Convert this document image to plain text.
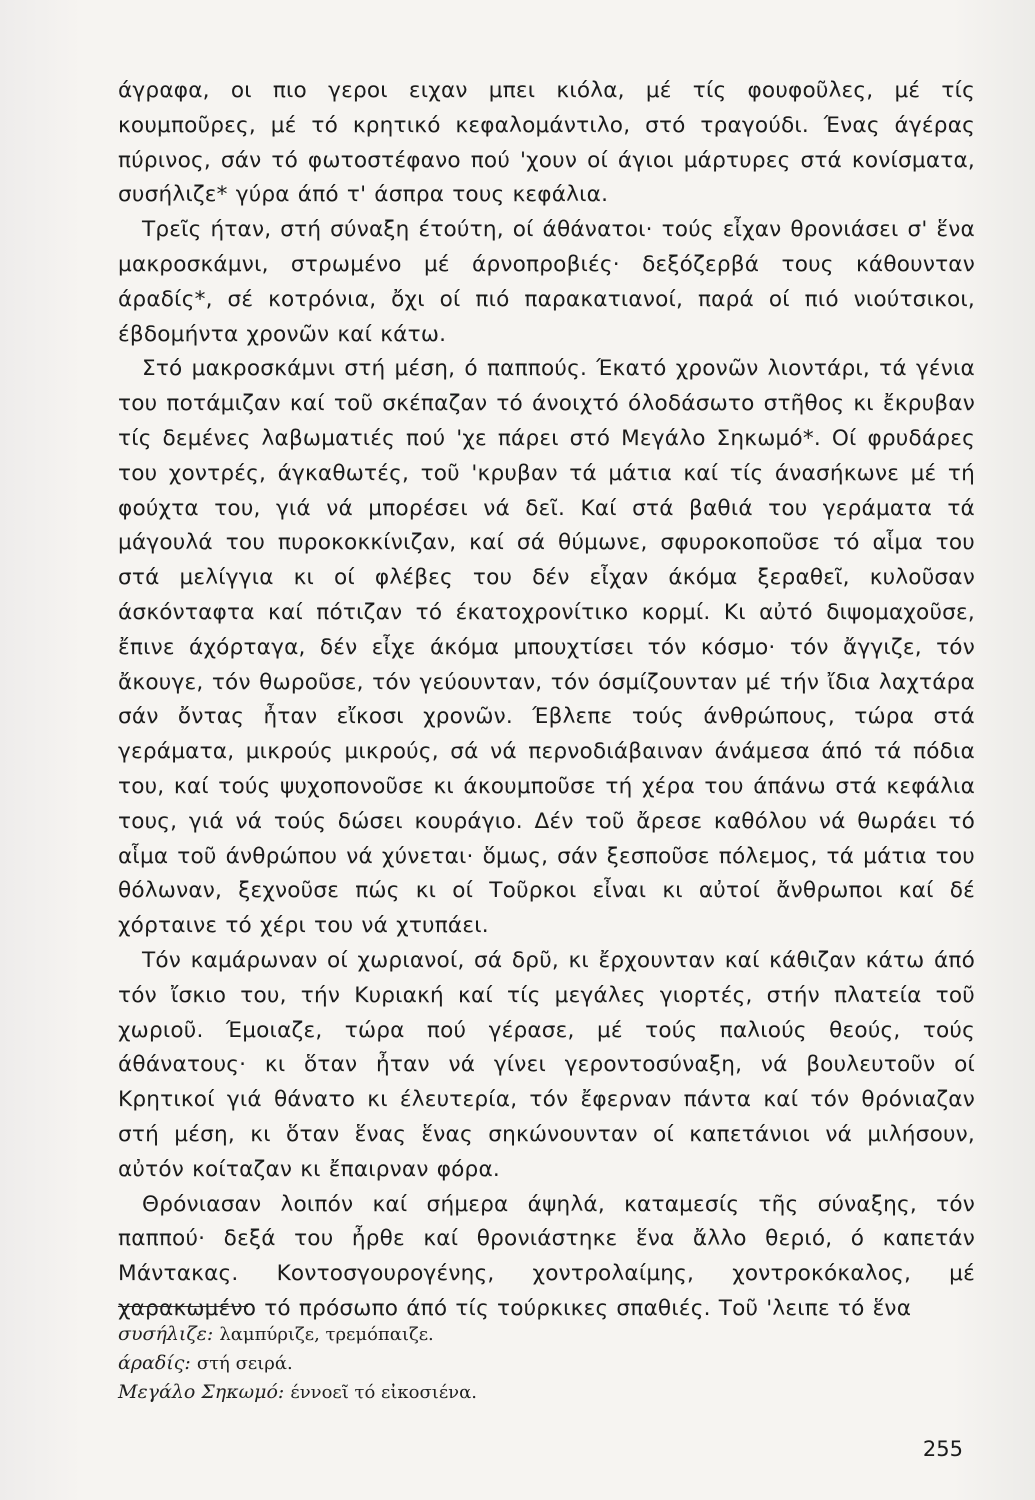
άγραφα, οι πιο γεροι ειχαν μπει κιόλα, μέ τίς φουφοῦλες, μέ τίς κουμποῦρες, μέ τό κρητικό κεφαλομάντιλο, στό τραγούδι. Ένας άγέρας πύρινος, σάν τό φωτοστέφανο πού 'χουν οί άγιοι μάρτυρες στά κονίσματα, συσήλιζε* γύρα άπό τ' άσπρα τους κεφάλια.

Τρεῖς ήταν, στή σύναξη έτούτη, οί άθάνατοι· τούς εἶχαν θρονιάσει σ' ἕνα μακροσκάμνι, στρωμένο μέ άρνοπροβιές· δεξόζερβά τους κάθουνταν άραδίς*, σέ κοτρόνια, ὄχι οί πιό παρακατιανοί, παρά οί πιό νιούτσικοι, έβδομήντα χρονῶν καί κάτω.

Στό μακροσκάμνι στή μέση, ό παππούς. Έκατό χρονῶν λιοντάρι, τά γένια του ποτάμιζαν καί τοῦ σκέπαζαν τό άνοιχτό όλοδάσωτο στῆθος κι ἔκρυβαν τίς δεμένες λαβωματιές πού 'χε πάρει στό Μεγάλο Σηκωμό*. Οί φρυδάρες του χοντρές, άγκαθωτές, τοῦ 'κρυβαν τά μάτια καί τίς άνασήκωνε μέ τή φούχτα του, γιά νά μπορέσει νά δεῖ. Καί στά βαθιά του γεράματα τά μάγουλά του πυροκοκκίνιζαν, καί σά θύμωνε, σφυροκοποῦσε τό αἷμα του στά μελίγγια κι οί φλέβες του δέν εἶχαν άκόμα ξεραθεῖ, κυλοῦσαν άσκόνταφτα καί πότιζαν τό έκατοχρονίτικο κορμί. Κι αὐτό διψομαχοῦσε, ἔπινε άχόρταγα, δέν εἶχε άκόμα μπουχτίσει τόν κόσμο· τόν ἄγγιζε, τόν ἄκουγε, τόν θωροῦσε, τόν γεύουνταν, τόν όσμίζουνταν μέ τήν ἴδια λαχτάρα σάν ὄντας ἦταν εἴκοσι χρονῶν. Έβλεπε τούς άνθρώπους, τώρα στά γεράματα, μικρούς μικρούς, σά νά περνοδιάβαιναν άνάμεσα άπό τά πόδια του, καί τούς ψυχοπονοῦσε κι άκουμποῦσε τή χέρα του άπάνω στά κεφάλια τους, γιά νά τούς δώσει κουράγιο. Δέν τοῦ ἄρεσε καθόλου νά θωράει τό αἷμα τοῦ άνθρώπου νά χύνεται· ὅμως, σάν ξεσποῦσε πόλεμος, τά μάτια του θόλωναν, ξεχνοῦσε πώς κι οί Τοῦρκοι εἶναι κι αὐτοί ἄνθρωποι καί δέ χόρταινε τό χέρι του νά χτυπάει.

Τόν καμάρωναν οί χωριανοί, σά δρῦ, κι ἔρχουνταν καί κάθιζαν κάτω άπό τόν ἴσκιο του, τήν Κυριακή καί τίς μεγάλες γιορτές, στήν πλατεία τοῦ χωριοῦ. Έμοιαζε, τώρα πού γέρασε, μέ τούς παλιούς θεούς, τούς άθάνατους· κι ὅταν ἦταν νά γίνει γεροντοσύναξη, νά βουλευτοῦν οί Κρητικοί γιά θάνατο κι έλευτερία, τόν ἔφερναν πάντα καί τόν θρόνιαζαν στή μέση, κι ὅταν ἕνας ἕνας σηκώνουνταν οί καπετάνιοι νά μιλήσουν, αὐτόν κοίταζαν κι ἔπαιρναν φόρα.

Θρόνιασαν λοιπόν καί σήμερα άψηλά, καταμεσίς τῆς σύναξης, τόν παππού· δεξά του ἦρθε καί θρονιάστηκε ἕνα ἄλλο θεριό, ό καπετάν Μάντακας. Κοντοσγουρογένης, χοντρολαίμης, χοντροκόκαλος, μέ χαρακωμένο τό πρόσωπο άπό τίς τούρκικες σπαθιές. Τοῦ 'λειπε τό ἕνα

συσήλιζε: λαμπύριζε, τρεμόπαιζε.

άραδίς: στή σειρά.

Μεγάλο Σηκωμό: έννοεῖ τό εἰκοσιένα.

255
